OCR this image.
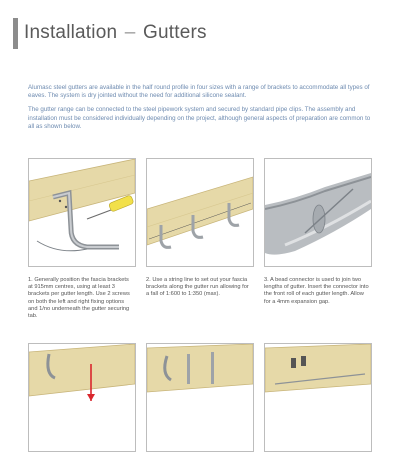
Installation – Gutters

Alumasc steel gutters are available in the half round profile in four sizes with a range of brackets to accommodate all types of eaves. The system is dry jointed without the need for additional silicone sealant.

The gutter range can be connected to the steel pipework system and secured by standard pipe clips. The assembly and installation must be considered individually depending on the project, although general aspects of preparation are common to all as shown below.

1. Generally position the fascia brackets at 915mm centres, using at least 3 brackets per gutter length. Use 2 screws on both the left and right fixing options and 1/no underneath the gutter securing tab.
2. Use a string line to set out your fascia brackets along the gutter run allowing for a fall of 1:600 to 1:350 (max).
3. A bead connector is used to join two lengths of gutter. Insert the connector into the front roll of each gutter length. Allow for a 4mm expansion gap.
